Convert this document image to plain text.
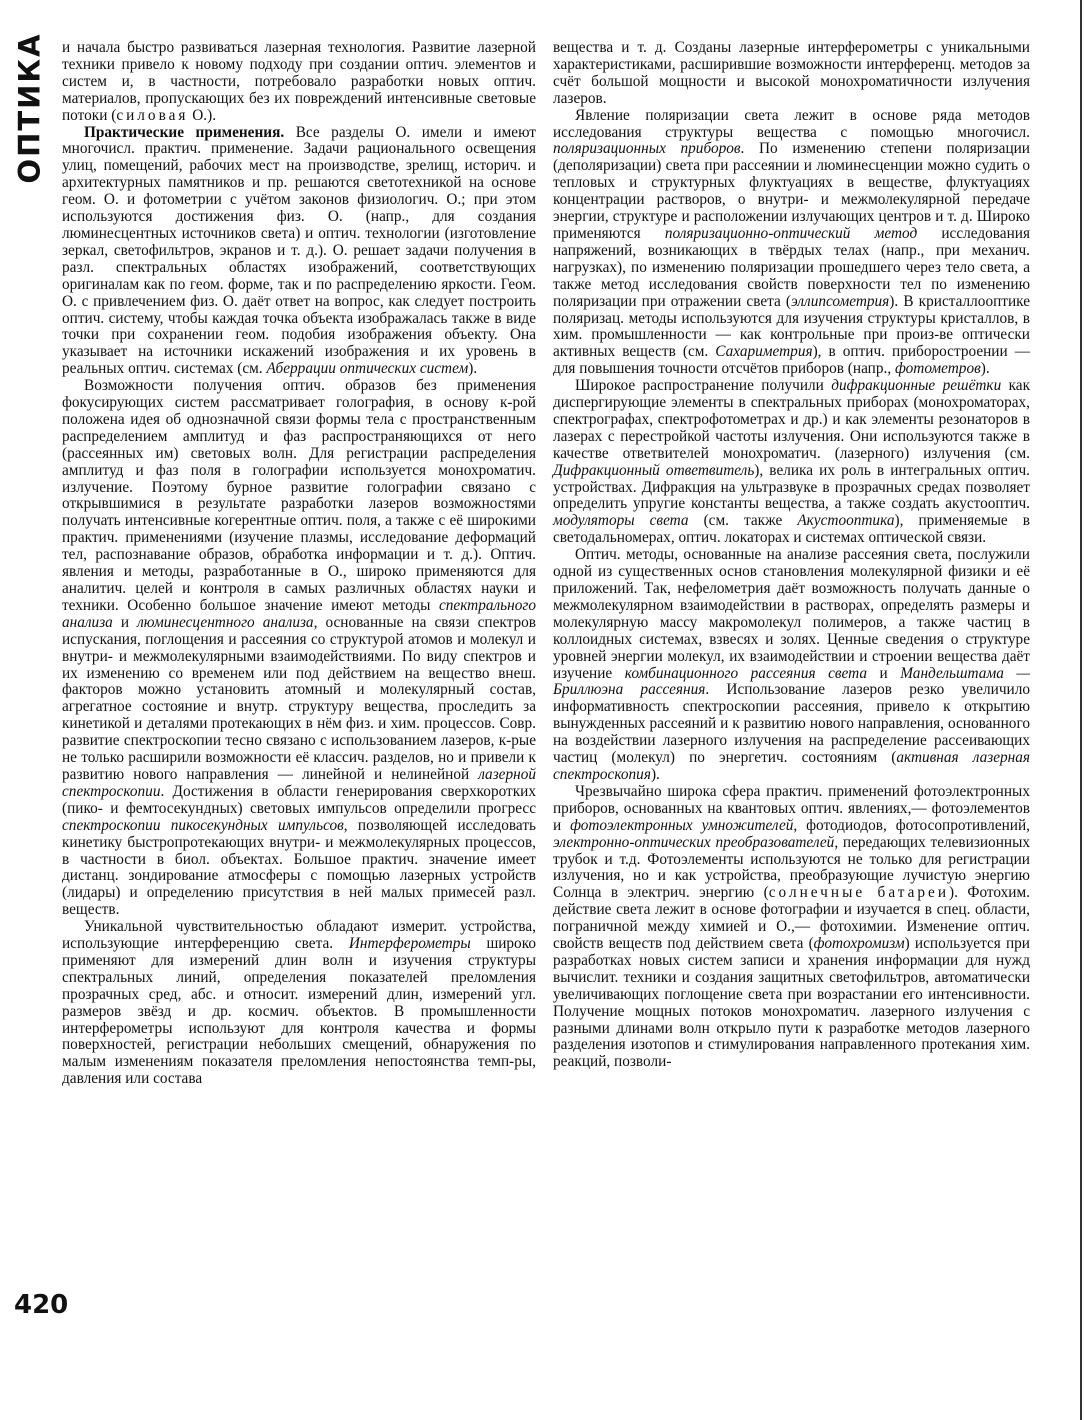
ОПТИКА
420

и начала быстро развиваться лазерная технология. Развитие лазерной техники привело к новому подходу при создании оптич. элементов и систем и, в частности, потребовало разработки новых оптич. материалов, пропускающих без их повреждений интенсивные световые потоки (силовая О.).

Практические применения. Все разделы О. имели и имеют многочисл. практич. применение. Задачи рационального освещения улиц, помещений, рабочих мест на производстве, зрелищ, историч. и архитектурных памятников и пр. решаются светотехникой на основе геом. О. и фотометрии с учётом законов физиологич. О.; при этом используются достижения физ. О. (напр., для создания люминесцентных источников света) и оптич. технологии (изготовление зеркал, светофильтров, экранов и т. д.). О. решает задачи получения в разл. спектральных областях изображений, соответствующих оригиналам как по геом. форме, так и по распределению яркости. Геом. О. с привлечением физ. О. даёт ответ на вопрос, как следует построить оптич. систему, чтобы каждая точка объекта изображалась также в виде точки при сохранении геом. подобия изображения объекту. Она указывает на источники искажений изображения и их уровень в реальных оптич. системах (см. Аберрации оптических систем).

Возможности получения оптич. образов без применения фокусирующих систем рассматривает голография, в основу к-рой положена идея об однозначной связи формы тела с пространственным распределением амплитуд и фаз распространяющихся от него (рассеянных им) световых волн. Для регистрации распределения амплитуд и фаз поля в голографии используется монохроматич. излучение. Поэтому бурное развитие голографии связано с открывшимися в результате разработки лазеров возможностями получать интенсивные когерентные оптич. поля, а также с её широкими практич. применениями (изучение плазмы, исследование деформаций тел, распознавание образов, обработка информации и т. д.). Оптич. явления и методы, разработанные в О., широко применяются для аналитич. целей и контроля в самых различных областях науки и техники. Особенно большое значение имеют методы спектрального анализа и люминесцентного анализа, основанные на связи спектров испускания, поглощения и рассеяния со структурой атомов и молекул и внутри- и межмолекулярными взаимодействиями. По виду спектров и их изменению со временем или под действием на вещество внеш. факторов можно установить атомный и молекулярный состав, агрегатное состояние и внутр. структуру вещества, проследить за кинетикой и деталями протекающих в нём физ. и хим. процессов. Совр. развитие спектроскопии тесно связано с использованием лазеров, к-рые не только расширили возможности её классич. разделов, но и привели к развитию нового направления — линейной и нелинейной лазерной спектроскопии. Достижения в области генерирования сверхкоротких (пико- и фемтосекундных) световых импульсов определили прогресс спектроскопии пикосекундных импульсов, позволяющей исследовать кинетику быстропротекающих внутри- и межмолекулярных процессов, в частности в биол. объектах. Большое практич. значение имеет дистанц. зондирование атмосферы с помощью лазерных устройств (лидары) и определению присутствия в ней малых примесей разл. веществ.

Уникальной чувствительностью обладают измерит. устройства, использующие интерференцию света. Интерферометры широко применяют для измерений длин волн и изучения структуры спектральных линий, определения показателей преломления прозрачных сред, абс. и относит. измерений длин, измерений угл. размеров звёзд и др. космич. объектов. В промышленности интерферометры используют для контроля качества и формы поверхностей, регистрации небольших смещений, обнаружения по малым изменениям показателя преломления непостоянства темп-ры, давления или состава

вещества и т. д. Созданы лазерные интерферометры с уникальными характеристиками, расширившие возможности интерференц. методов за счёт большой мощности и высокой монохроматичности излучения лазеров.

Явление поляризации света лежит в основе ряда методов исследования структуры вещества с помощью многочисл. поляризационных приборов. По изменению степени поляризации (деполяризации) света при рассеянии и люминесценции можно судить о тепловых и структурных флуктуациях в веществе, флуктуациях концентрации растворов, о внутри- и межмолекулярной передаче энергии, структуре и расположении излучающих центров и т. д. Широко применяются поляризационно-оптический метод исследования напряжений, возникающих в твёрдых телах (напр., при механич. нагрузках), по изменению поляризации прошедшего через тело света, а также метод исследования свойств поверхности тел по изменению поляризации при отражении света (эллипсометрия). В кристаллооптике поляризац. методы используются для изучения структуры кристаллов, в хим. промышленности — как контрольные при произ-ве оптически активных веществ (см. Сахариметрия), в оптич. приборостроении — для повышения точности отсчётов приборов (напр., фотометров).

Широкое распространение получили дифракционные решётки как диспергирующие элементы в спектральных приборах (монохроматорах, спектрографах, спектрофотометрах и др.) и как элементы резонаторов в лазерах с перестройкой частоты излучения. Они используются также в качестве ответвителей монохроматич. (лазерного) излучения (см. Дифракционный ответвитель), велика их роль в интегральных оптич. устройствах. Дифракция на ультразвуке в прозрачных средах позволяет определить упругие константы вещества, а также создать акустооптич. модуляторы света (см. также Акустооптика), применяемые в светодальномерах, оптич. локаторах и системах оптической связи.

Оптич. методы, основанные на анализе рассеяния света, послужили одной из существенных основ становления молекулярной физики и её приложений. Так, нефелометрия даёт возможность получать данные о межмолекулярном взаимодействии в растворах, определять размеры и молекулярную массу макромолекул полимеров, а также частиц в коллоидных системах, взвесях и золях. Ценные сведения о структуре уровней энергии молекул, их взаимодействии и строении вещества даёт изучение комбинационного рассеяния света и Мандельштама — Бриллюэна рассеяния. Использование лазеров резко увеличило информативность спектроскопии рассеяния, привело к открытию вынужденных рассеяний и к развитию нового направления, основанного на воздействии лазерного излучения на распределение рассеивающих частиц (молекул) по энергетич. состояниям (активная лазерная спектроскопия).

Чрезвычайно широка сфера практич. применений фотоэлектронных приборов, основанных на квантовых оптич. явлениях,— фотоэлементов и фотоэлектронных умножителей, фотодиодов, фотосопротивлений, электронно-оптических преобразователей, передающих телевизионных трубок и т.д. Фотоэлементы используются не только для регистрации излучения, но и как устройства, преобразующие лучистую энергию Солнца в электрич. энергию (солнечные батареи). Фотохим. действие света лежит в основе фотографии и изучается в спец. области, пограничной между химией и О.,— фотохимии. Изменение оптич. свойств веществ под действием света (фотохромизм) используется при разработках новых систем записи и хранения информации для нужд вычислит. техники и создания защитных светофильтров, автоматически увеличивающих поглощение света при возрастании его интенсивности. Получение мощных потоков монохроматич. лазерного излучения с разными длинами волн открыло пути к разработке методов лазерного разделения изотопов и стимулирования направленного протекания хим. реакций, позволи-
